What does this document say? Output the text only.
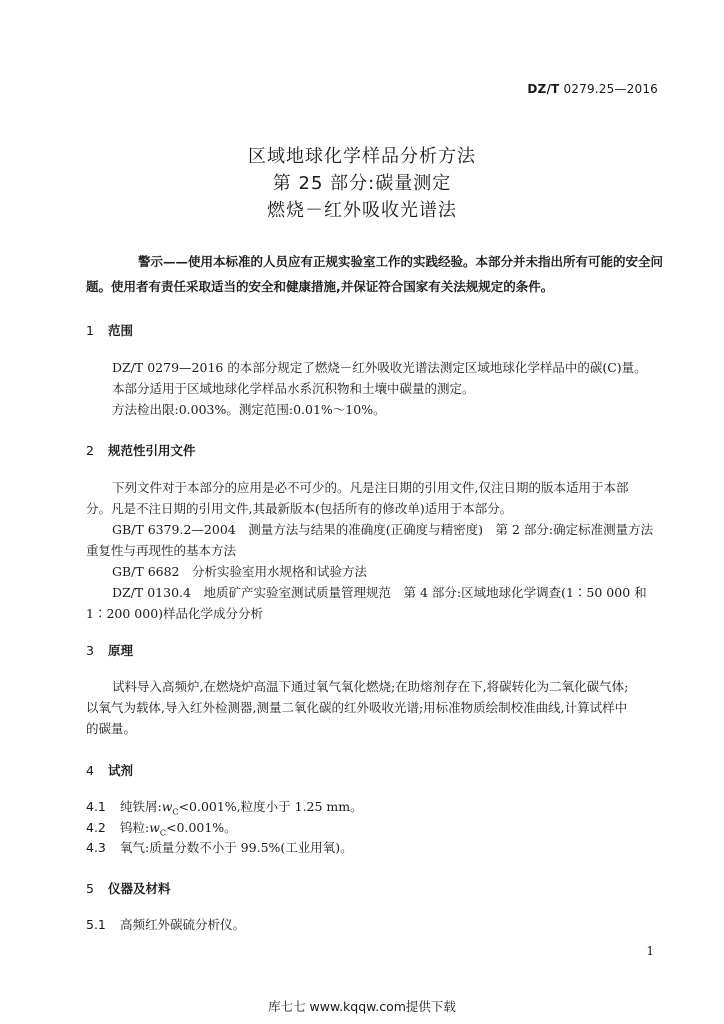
DZ/T 0279.25—2016
区域地球化学样品分析方法
第 25 部分:碳量测定
燃烧－红外吸收光谱法
警示——使用本标准的人员应有正规实验室工作的实践经验。本部分并未指出所有可能的安全问
题。使用者有责任采取适当的安全和健康措施,并保证符合国家有关法规规定的条件。
1 范围
DZ/T 0279—2016 的本部分规定了燃烧－红外吸收光谱法测定区域地球化学样品中的碳(C)量。
本部分适用于区域地球化学样品水系沉积物和土壤中碳量的测定。
方法检出限:0.003%。测定范围:0.01%～10%。
2 规范性引用文件
下列文件对于本部分的应用是必不可少的。凡是注日期的引用文件,仅注日期的版本适用于本部
分。凡是不注日期的引用文件,其最新版本(包括所有的修改单)适用于本部分。
GB/T 6379.2—2004　测量方法与结果的准确度(正确度与精密度)　第 2 部分:确定标准测量方法
重复性与再现性的基本方法
GB/T 6682　分析实验室用水规格和试验方法
DZ/T 0130.4　地质矿产实验室测试质量管理规范　第 4 部分:区域地球化学调查(1∶50 000 和
1∶200 000)样品化学成分分析
3 原理
试料导入高频炉,在燃烧炉高温下通过氧气氧化燃烧;在助熔剂存在下,将碳转化为二氧化碳气体;
以氧气为载体,导入红外检测器,测量二氧化碳的红外吸收光谱;用标准物质绘制校准曲线,计算试样中
的碳量。
4 试剂
4.1 纯铁屑$:w_C<0.001\%$,粒度小于 1.25 mm。
4.2 钨粒$:w_C<0.001\%$。
4.3 氧气:质量分数不小于 99.5%(工业用氧)。
5 仪器及材料
5.1 高频红外碳硫分析仪。
1
库七七 www.kqqw.com提供下载
